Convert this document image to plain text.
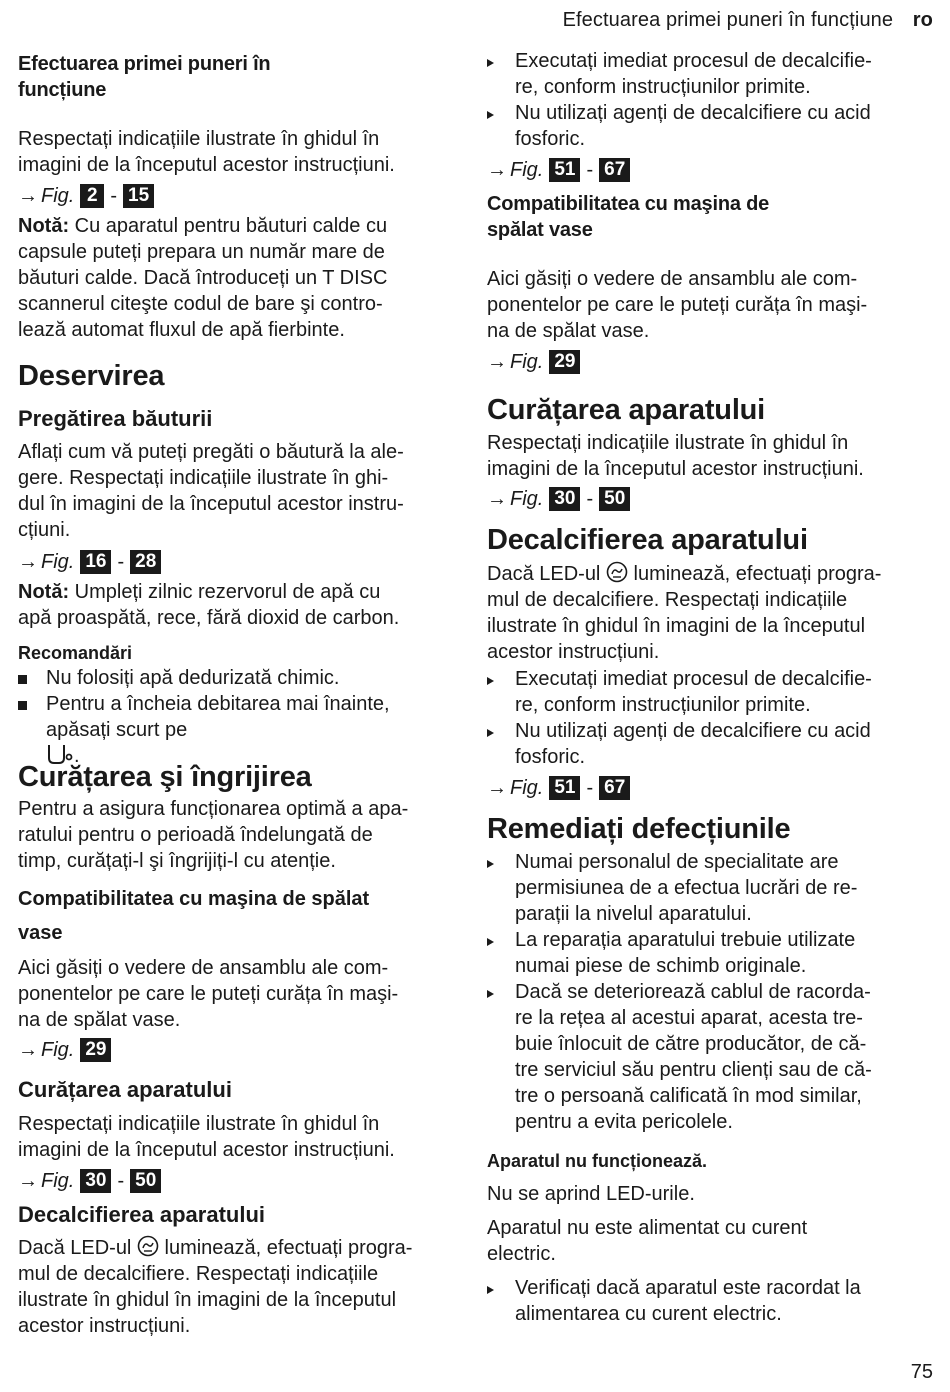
Efectuarea primei puneri în funcțiune ro
Efectuarea primei puneri în
funcțiune
Respectați indicațiile ilustrate în ghidul în
imagini de la începutul acestor instrucțiuni.
→ Fig. 2 - 15
Notă: Cu aparatul pentru băuturi calde cu
capsule puteți prepara un număr mare de
băuturi calde. Dacă întroduceți un T DISC
scannerul citeşte codul de bare şi contro-
lează automat fluxul de apă fierbinte.
Deservirea
Pregătirea băuturii
Aflați cum vă puteți pregăti o băutură la ale-
gere. Respectați indicațiile ilustrate în ghi-
dul în imagini de la începutul acestor instru-
cțiuni.
→ Fig. 16 - 28
Notă: Umpleți zilnic rezervorul de apă cu
apă proaspătă, rece, fără dioxid de carbon.
Recomandări
Nu folosiți apă dedurizată chimic.
Pentru a încheia debitarea mai înainte,
apăsați scurt pe
.

Curățarea şi îngrijirea
Pentru a asigura funcționarea optimă a apa-
ratului pentru o perioadă îndelungată de
timp, curățați-l şi îngrijiți-l cu atenție.
Compatibilitatea cu maşina de spălat
vase
Aici găsiți o vedere de ansamblu ale com-
ponentelor pe care le puteți curăța în maşi-
na de spălat vase.
→ Fig. 29
Curățarea aparatului
Respectați indicațiile ilustrate în ghidul în
imagini de la începutul acestor instrucțiuni.
→ Fig. 30 - 50
Decalcifierea aparatului
Dacă LED-ul  luminează, efectuați progra-
mul de decalcifiere. Respectați indicațiile
ilustrate în ghidul în imagini de la începutul
acestor instrucțiuni.
Executați imediat procesul de decalcifie-
re, conform instrucțiunilor primite.
Nu utilizați agenți de decalcifiere cu acid
fosforic.
→ Fig. 51 - 67
Compatibilitatea cu maşina de
spălat vase
Aici găsiți o vedere de ansamblu ale com-
ponentelor pe care le puteți curăța în maşi-
na de spălat vase.
→ Fig. 29
Curățarea aparatului
Respectați indicațiile ilustrate în ghidul în
imagini de la începutul acestor instrucțiuni.
→ Fig. 30 - 50
Decalcifierea aparatului
Dacă LED-ul  luminează, efectuați progra-
mul de decalcifiere. Respectați indicațiile
ilustrate în ghidul în imagini de la începutul
acestor instrucțiuni.
Executați imediat procesul de decalcifie-
re, conform instrucțiunilor primite.
Nu utilizați agenți de decalcifiere cu acid
fosforic.
→ Fig. 51 - 67
Remediați defecțiunile
Numai personalul de specialitate are
permisiunea de a efectua lucrări de re-
parații la nivelul aparatului.
La reparația aparatului trebuie utilizate
numai piese de schimb originale.
Dacă se deteriorează cablul de racorda-
re la rețea al acestui aparat, acesta tre-
buie înlocuit de către producător, de că-
tre serviciul său pentru clienți sau de că-
tre o persoană calificată în mod similar,
pentru a evita pericolele.
Aparatul nu funcționează.
Nu se aprind LED-urile.
Aparatul nu este alimentat cu curent
electric.
Verificați dacă aparatul este racordat la
alimentarea cu curent electric.
75
